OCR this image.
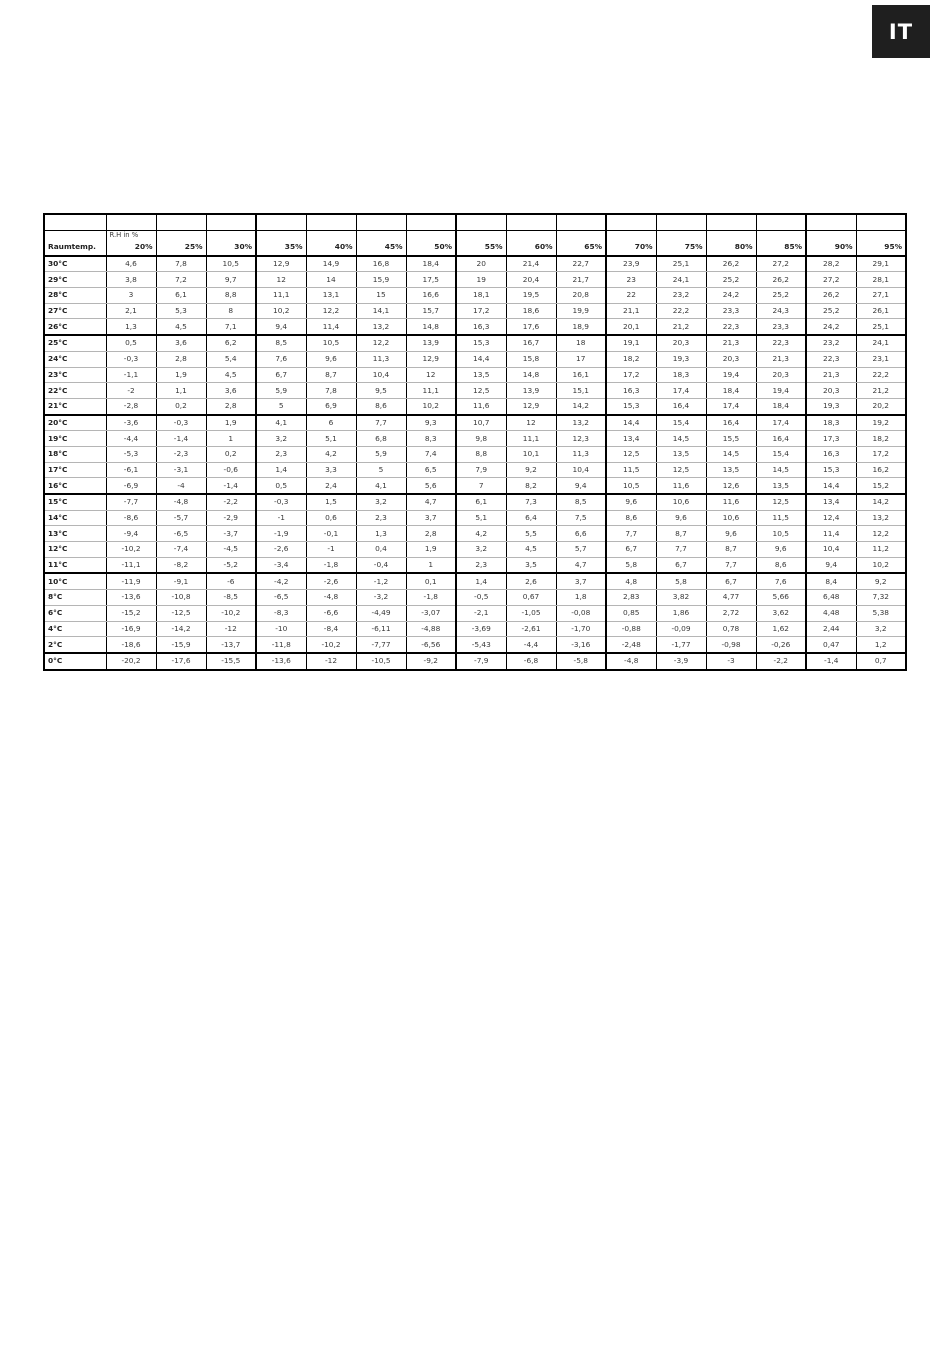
IT

	R.H in %															
Raumtemp.	20%	25%	30%	35%	40%	45%	50%	55%	60%	65%	70%	75%	80%	85%	90%	95%
30°C	4,6	7,8	10,5	12,9	14,9	16,8	18,4	20	21,4	22,7	23,9	25,1	26,2	27,2	28,2	29,1
29°C	3,8	7,2	9,7	12	14	15,9	17,5	19	20,4	21,7	23	24,1	25,2	26,2	27,2	28,1
28°C	3	6,1	8,8	11,1	13,1	15	16,6	18,1	19,5	20,8	22	23,2	24,2	25,2	26,2	27,1
27°C	2,1	5,3	8	10,2	12,2	14,1	15,7	17,2	18,6	19,9	21,1	22,2	23,3	24,3	25,2	26,1
26°C	1,3	4,5	7,1	9,4	11,4	13,2	14,8	16,3	17,6	18,9	20,1	21,2	22,3	23,3	24,2	25,1
25°C	0,5	3,6	6,2	8,5	10,5	12,2	13,9	15,3	16,7	18	19,1	20,3	21,3	22,3	23,2	24,1
24°C	-0,3	2,8	5,4	7,6	9,6	11,3	12,9	14,4	15,8	17	18,2	19,3	20,3	21,3	22,3	23,1
23°C	-1,1	1,9	4,5	6,7	8,7	10,4	12	13,5	14,8	16,1	17,2	18,3	19,4	20,3	21,3	22,2
22°C	-2	1,1	3,6	5,9	7,8	9,5	11,1	12,5	13,9	15,1	16,3	17,4	18,4	19,4	20,3	21,2
21°C	-2,8	0,2	2,8	5	6,9	8,6	10,2	11,6	12,9	14,2	15,3	16,4	17,4	18,4	19,3	20,2
20°C	-3,6	-0,3	1,9	4,1	6	7,7	9,3	10,7	12	13,2	14,4	15,4	16,4	17,4	18,3	19,2
19°C	-4,4	-1,4	1	3,2	5,1	6,8	8,3	9,8	11,1	12,3	13,4	14,5	15,5	16,4	17,3	18,2
18°C	-5,3	-2,3	0,2	2,3	4,2	5,9	7,4	8,8	10,1	11,3	12,5	13,5	14,5	15,4	16,3	17,2
17°C	-6,1	-3,1	-0,6	1,4	3,3	5	6,5	7,9	9,2	10,4	11,5	12,5	13,5	14,5	15,3	16,2
16°C	-6,9	-4	-1,4	0,5	2,4	4,1	5,6	7	8,2	9,4	10,5	11,6	12,6	13,5	14,4	15,2
15°C	-7,7	-4,8	-2,2	-0,3	1,5	3,2	4,7	6,1	7,3	8,5	9,6	10,6	11,6	12,5	13,4	14,2
14°C	-8,6	-5,7	-2,9	-1	0,6	2,3	3,7	5,1	6,4	7,5	8,6	9,6	10,6	11,5	12,4	13,2
13°C	-9,4	-6,5	-3,7	-1,9	-0,1	1,3	2,8	4,2	5,5	6,6	7,7	8,7	9,6	10,5	11,4	12,2
12°C	-10,2	-7,4	-4,5	-2,6	-1	0,4	1,9	3,2	4,5	5,7	6,7	7,7	8,7	9,6	10,4	11,2
11°C	-11,1	-8,2	-5,2	-3,4	-1,8	-0,4	1	2,3	3,5	4,7	5,8	6,7	7,7	8,6	9,4	10,2
10°C	-11,9	-9,1	-6	-4,2	-2,6	-1,2	0,1	1,4	2,6	3,7	4,8	5,8	6,7	7,6	8,4	9,2
8°C	-13,6	-10,8	-8,5	-6,5	-4,8	-3,2	-1,8	-0,5	0,67	1,8	2,83	3,82	4,77	5,66	6,48	7,32
6°C	-15,2	-12,5	-10,2	-8,3	-6,6	-4,49	-3,07	-2,1	-1,05	-0,08	0,85	1,86	2,72	3,62	4,48	5,38
4°C	-16,9	-14,2	-12	-10	-8,4	-6,11	-4,88	-3,69	-2,61	-1,70	-0,88	-0,09	0,78	1,62	2,44	3,2
2°C	-18,6	-15,9	-13,7	-11,8	-10,2	-7,77	-6,56	-5,43	-4,4	-3,16	-2,48	-1,77	-0,98	-0,26	0,47	1,2
0°C	-20,2	-17,6	-15,5	-13,6	-12	-10,5	-9,2	-7,9	-6,8	-5,8	-4,8	-3,9	-3	-2,2	-1,4	0,7
